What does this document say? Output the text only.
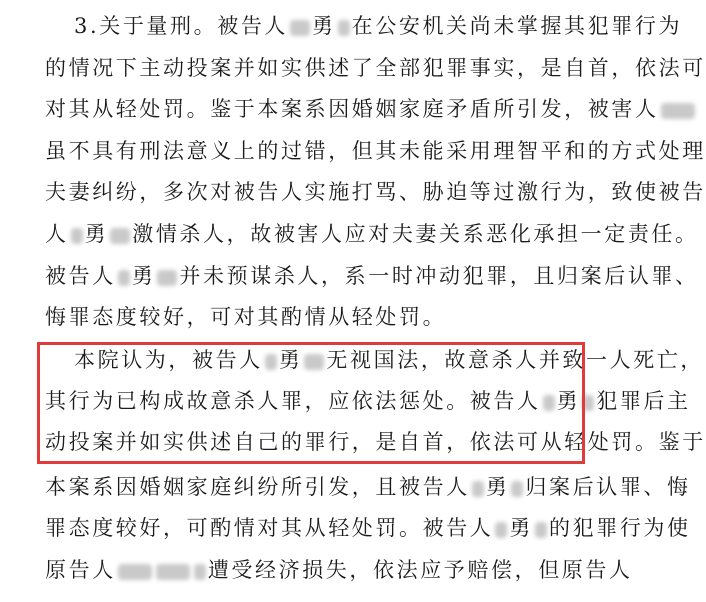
3.关于量刑。被告人 勇 在公安机关尚未掌握其犯罪行为
的情况下主动投案并如实供述了全部犯罪事实，是自首，依法可
对其从轻处罚。鉴于本案系因婚姻家庭矛盾所引发，被害人
虽不具有刑法意义上的过错，但其未能采用理智平和的方式处理
夫妻纠纷，多次对被告人实施打骂、胁迫等过激行为，致使被告
人 勇 激情杀人，故被害人应对夫妻关系恶化承担一定责任。
被告人 勇 并未预谋杀人，系一时冲动犯罪，且归案后认罪、
悔罪态度较好，可对其酌情从轻处罚。
本院认为，被告人 勇 无视国法，故意杀人并致一人死亡，
其行为已构成故意杀人罪，应依法惩处。被告人 勇 犯罪后主
动投案并如实供述自己的罪行，是自首，依法可从轻处罚。鉴于
本案系因婚姻家庭纠纷所引发，且被告人 勇 归案后认罪、悔
罪态度较好，可酌情对其从轻处罚。被告人 勇 的犯罪行为使
原告人	遭受经济损失，依法应予赔偿，但原告人
